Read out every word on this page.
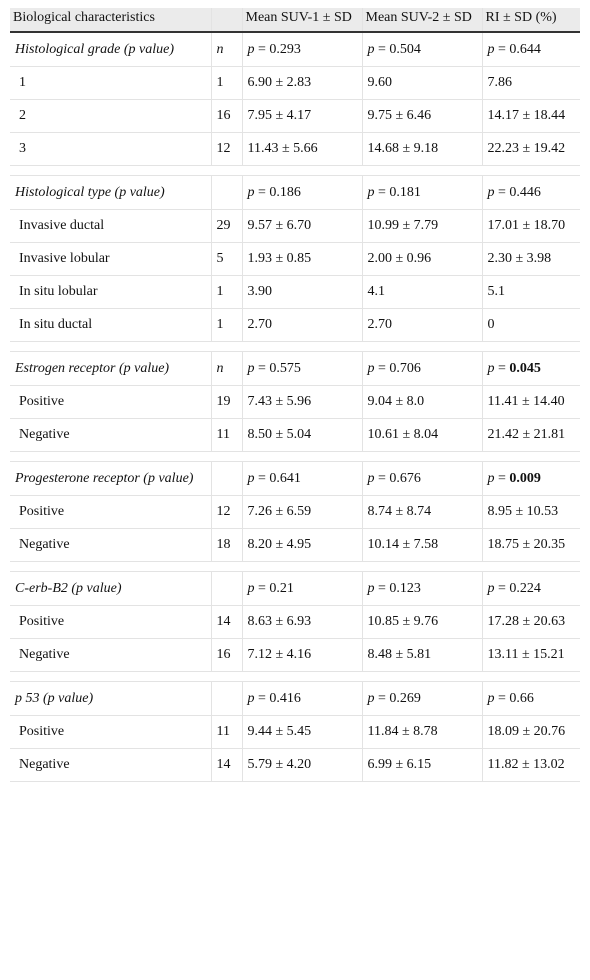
Biological characteristics		Mean SUV-1 ± SD	Mean SUV-2 ± SD	RI ± SD (%)
Histological grade (p value)	n	p = 0.293	p = 0.504	p = 0.644
1	1	6.90 ± 2.83	9.60	7.86
2	16	7.95 ± 4.17	9.75 ± 6.46	14.17 ± 18.44
3	12	11.43 ± 5.66	14.68 ± 9.18	22.23 ± 19.42

Histological type (p value)		p = 0.186	p = 0.181	p = 0.446
Invasive ductal	29	9.57 ± 6.70	10.99 ± 7.79	17.01 ± 18.70
Invasive lobular	5	1.93 ± 0.85	2.00 ± 0.96	2.30 ± 3.98
In situ lobular	1	3.90	4.1	5.1
In situ ductal	1	2.70	2.70	0

Estrogen receptor (p value)	n	p = 0.575	p = 0.706	p = 0.045
Positive	19	7.43 ± 5.96	9.04 ± 8.0	11.41 ± 14.40
Negative	11	8.50 ± 5.04	10.61 ± 8.04	21.42 ± 21.81

Progesterone receptor (p value)		p = 0.641	p = 0.676	p = 0.009
Positive	12	7.26 ± 6.59	8.74 ± 8.74	8.95 ± 10.53
Negative	18	8.20 ± 4.95	10.14 ± 7.58	18.75 ± 20.35

C-erb-B2 (p value)		p = 0.21	p = 0.123	p = 0.224
Positive	14	8.63 ± 6.93	10.85 ± 9.76	17.28 ± 20.63
Negative	16	7.12 ± 4.16	8.48 ± 5.81	13.11 ± 15.21

p 53 (p value)		p = 0.416	p = 0.269	p = 0.66
Positive	11	9.44 ± 5.45	11.84 ± 8.78	18.09 ± 20.76
Negative	14	5.79 ± 4.20	6.99 ± 6.15	11.82 ± 13.02
